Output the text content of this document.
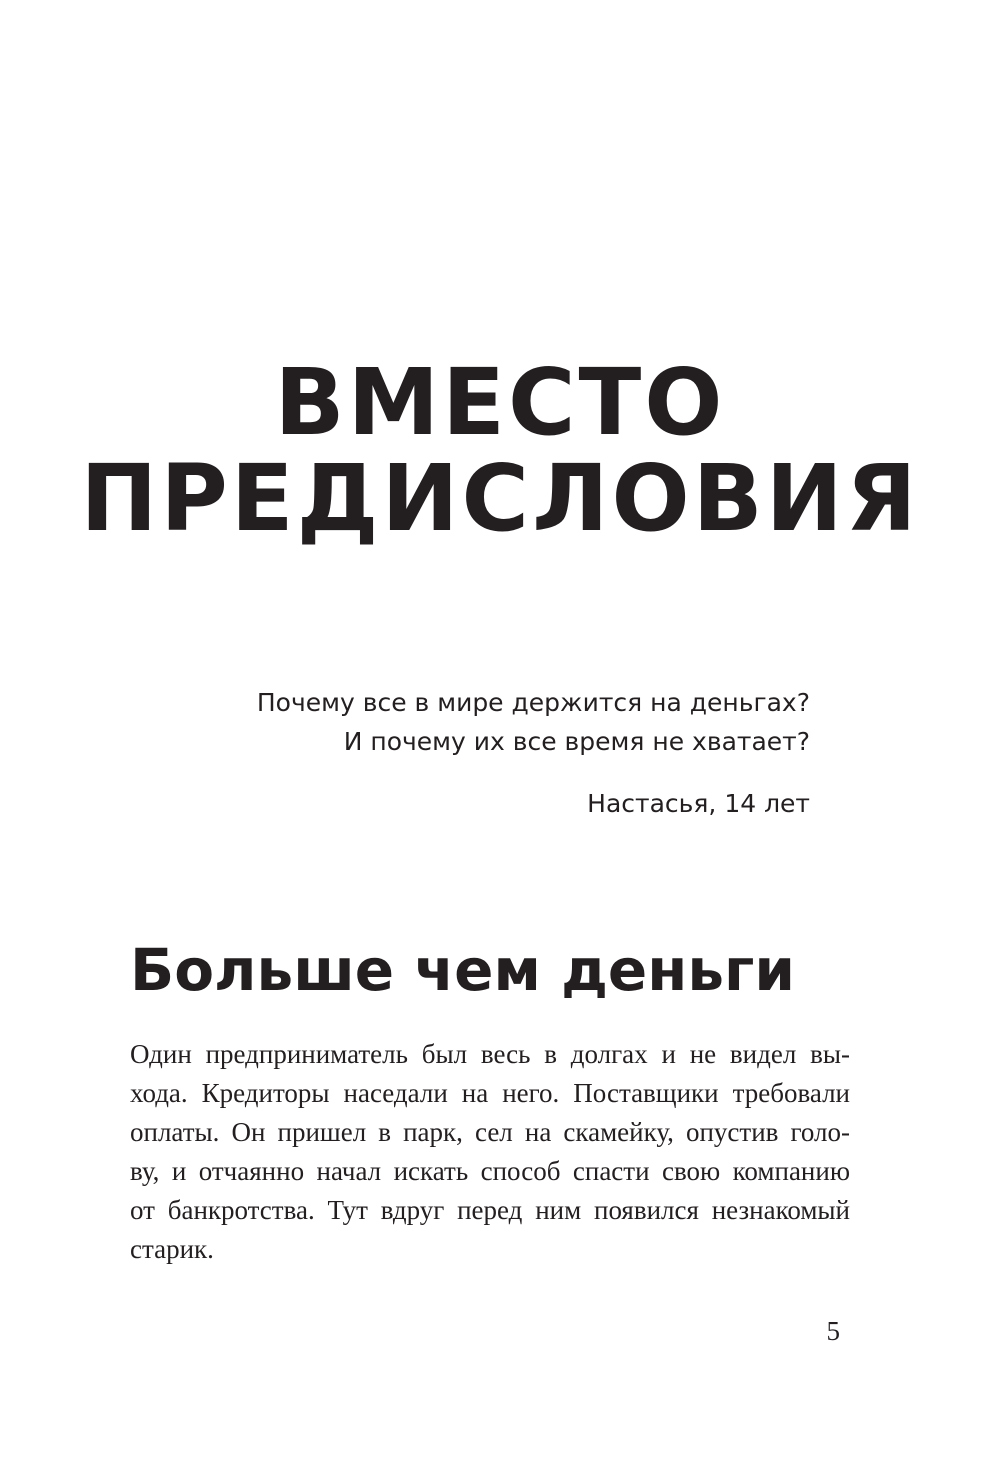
ВМЕСТО
ПРЕДИСЛОВИЯ
Почему все в мире держится на деньгах?
И почему их все время не хватает?
Настасья, 14 лет
Больше чем деньги

Один предприниматель был весь в долгах и не видел вы-
хода. Кредиторы наседали на него. Поставщики требовали
оплаты. Он пришел в парк, сел на скамейку, опустив голо-
ву, и отчаянно начал искать способ спасти свою компанию
от банкротства. Тут вдруг перед ним появился незнакомый
старик.

5
